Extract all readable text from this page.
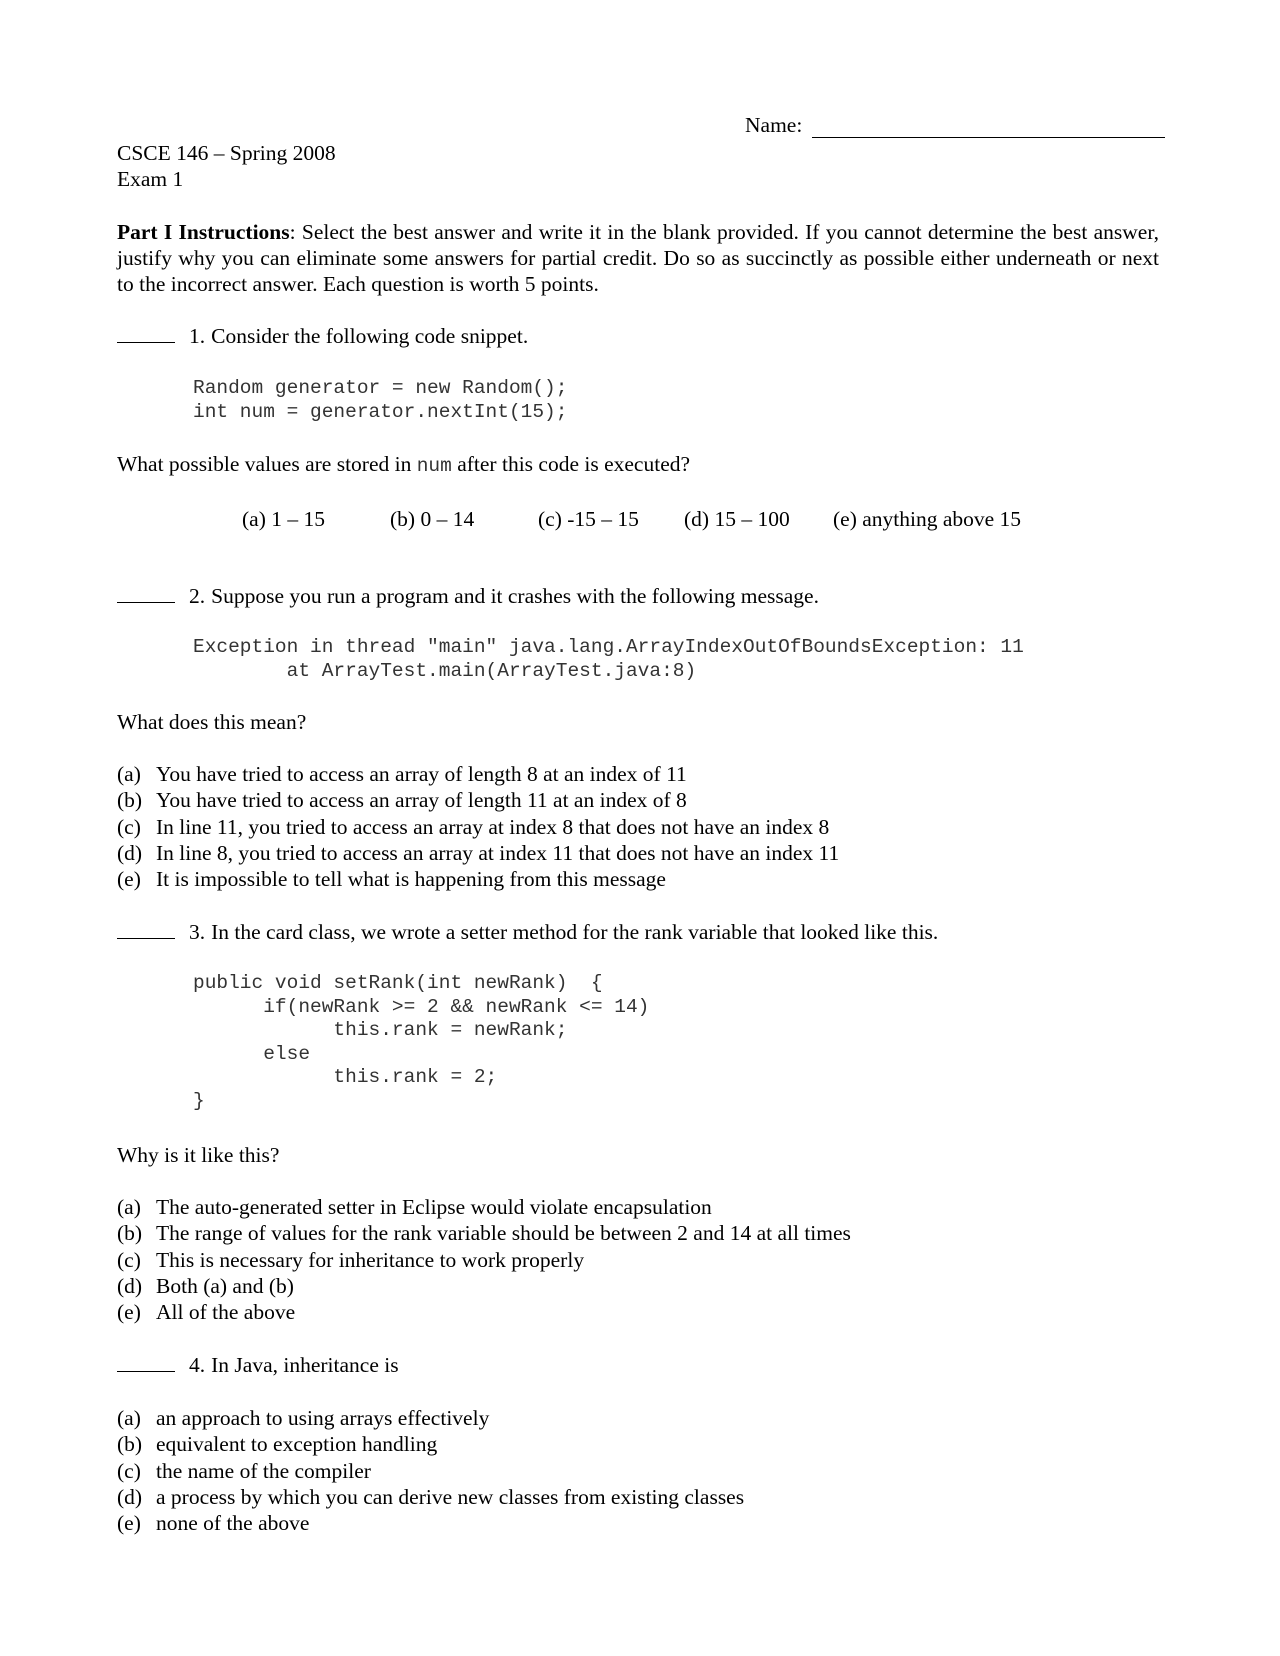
Name:
CSCE 146 – Spring 2008
Exam 1
Part I Instructions: Select the best answer and write it in the blank provided. If you cannot determine the best answer, justify why you can eliminate some answers for partial credit. Do so as succinctly as possible either underneath or next to the incorrect answer. Each question is worth 5 points.
1. Consider the following code snippet.
Random generator = new Random();
int num = generator.nextInt(15);
What possible values are stored in num after this code is executed?
(a) 1 – 15	(b) 0 – 14	(c) -15 – 15 (d) 15 – 100 (e) anything above 15
2. Suppose you run a program and it crashes with the following message.
Exception in thread "main" java.lang.ArrayIndexOutOfBoundsException: 11
at ArrayTest.main(ArrayTest.java:8)
What does this mean?
(a) You have tried to access an array of length 8 at an index of 11
(b) You have tried to access an array of length 11 at an index of 8
(c) In line 11, you tried to access an array at index 8 that does not have an index 8
(d) In line 8, you tried to access an array at index 11 that does not have an index 11
(e) It is impossible to tell what is happening from this message
3. In the card class, we wrote a setter method for the rank variable that looked like this.
public void setRank(int newRank)  {
if(newRank >= 2 && newRank <= 14)
this.rank = newRank;
else
this.rank = 2;
}
Why is it like this?
(a) The auto-generated setter in Eclipse would violate encapsulation
(b) The range of values for the rank variable should be between 2 and 14 at all times
(c) This is necessary for inheritance to work properly
(d) Both (a) and (b)
(e) All of the above
4. In Java, inheritance is
(a) an approach to using arrays effectively
(b) equivalent to exception handling
(c) the name of the compiler
(d) a process by which you can derive new classes from existing classes
(e) none of the above
